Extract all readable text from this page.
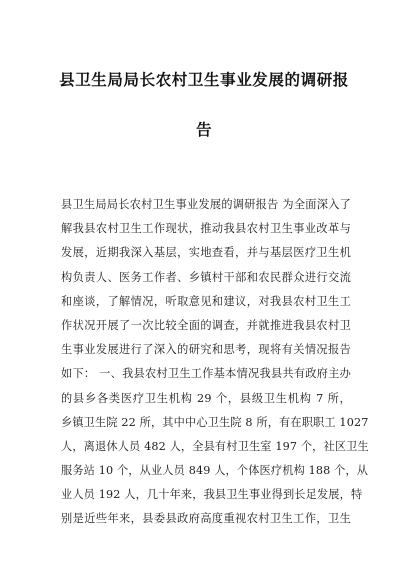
县卫生局局长农村卫生事业发展的调研报
告
县卫生局局长农村卫生事业发展的调研报告 为全面深入了
解我县农村卫生工作现状，推动我县农村卫生事业改革与
发展，近期我深入基层，实地查看，并与基层医疗卫生机
构负责人、医务工作者、乡镇村干部和农民群众进行交流
和座谈，了解情况，听取意见和建议，对我县农村卫生工
作状况开展了一次比较全面的调查，并就推进我县农村卫
生事业发展进行了深入的研究和思考，现将有关情况报告
如下： 一、我县农村卫生工作基本情况我县共有政府主办
的县乡各类医疗卫生机构 29 个，县级卫生机构 7 所，
乡镇卫生院 22 所，其中中心卫生院 8 所，有在职职工 1027
人，离退休人员 482 人，全县有村卫生室 197 个，社区卫生
服务站 10 个，从业人员 849 人，个体医疗机构 188 个，从
业人员 192 人，几十年来，我县卫生事业得到长足发展，特
别是近些年来，县委县政府高度重视农村卫生工作，卫生
